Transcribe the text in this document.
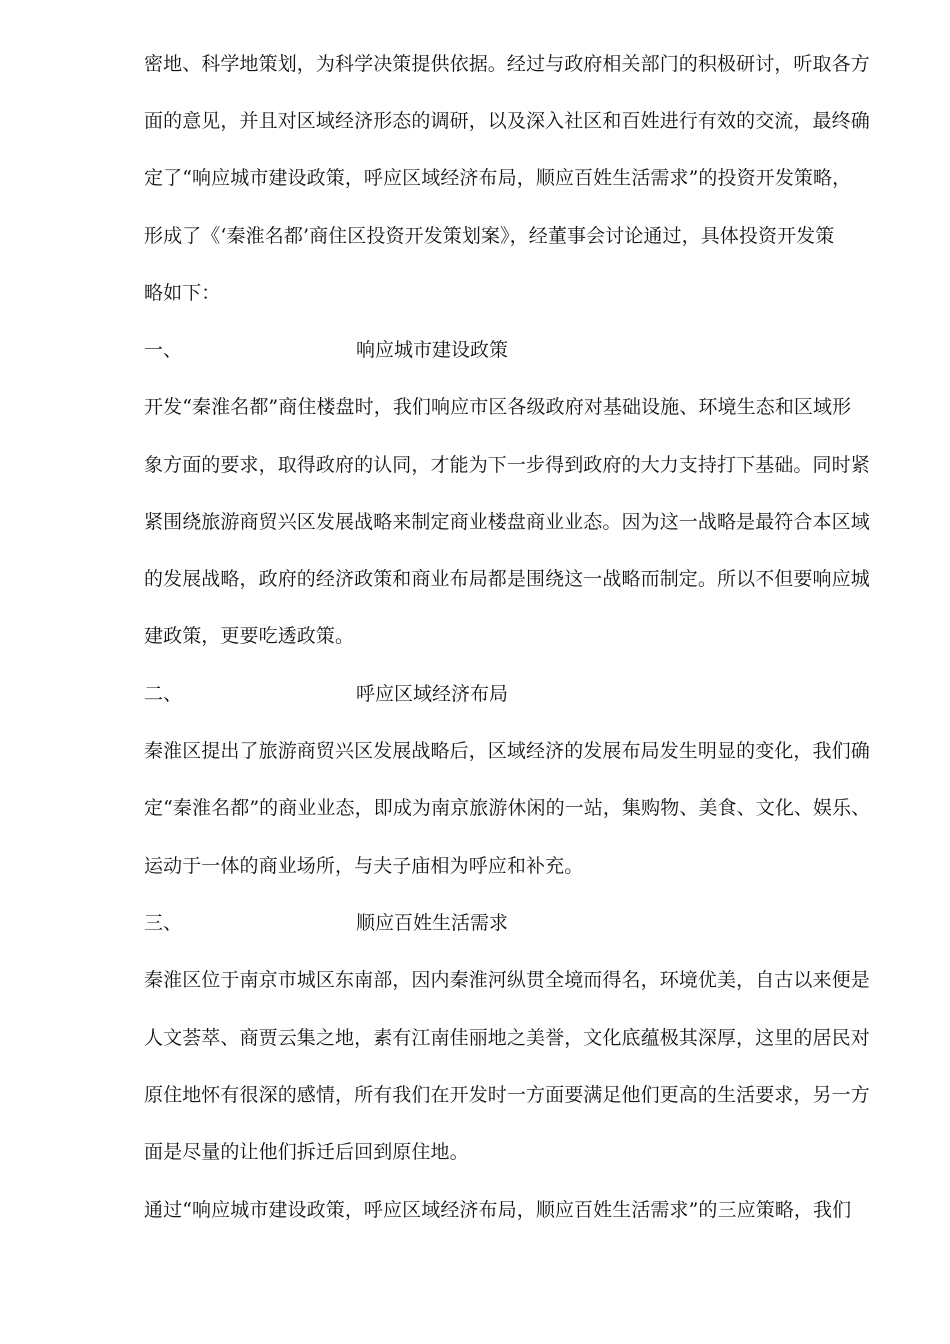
密地、科学地策划，为科学决策提供依据。经过与政府相关部门的积极研讨，听取各方
面的意见，并且对区域经济形态的调研，以及深入社区和百姓进行有效的交流，最终确
定了“响应城市建设政策，呼应区域经济布局，顺应百姓生活需求”的投资开发策略，
形成了《‘秦淮名都’商住区投资开发策划案》，经董事会讨论通过，具体投资开发策
略如下：
一、	响应城市建设政策
开发“秦淮名都”商住楼盘时，我们响应市区各级政府对基础设施、环境生态和区域形
象方面的要求，取得政府的认同，才能为下一步得到政府的大力支持打下基础。同时紧
紧围绕旅游商贸兴区发展战略来制定商业楼盘商业业态。因为这一战略是最符合本区域
的发展战略，政府的经济政策和商业布局都是围绕这一战略而制定。所以不但要响应城
建政策，更要吃透政策。
二、	呼应区域经济布局
秦淮区提出了旅游商贸兴区发展战略后，区域经济的发展布局发生明显的变化，我们确
定“秦淮名都”的商业业态，即成为南京旅游休闲的一站，集购物、美食、文化、娱乐、
运动于一体的商业场所，与夫子庙相为呼应和补充。
三、	顺应百姓生活需求
秦淮区位于南京市城区东南部，因内秦淮河纵贯全境而得名，环境优美，自古以来便是
人文荟萃、商贾云集之地，素有江南佳丽地之美誉，文化底蕴极其深厚，这里的居民对
原住地怀有很深的感情，所有我们在开发时一方面要满足他们更高的生活要求，另一方
面是尽量的让他们拆迁后回到原住地。
通过“响应城市建设政策，呼应区域经济布局，顺应百姓生活需求”的三应策略，我们
